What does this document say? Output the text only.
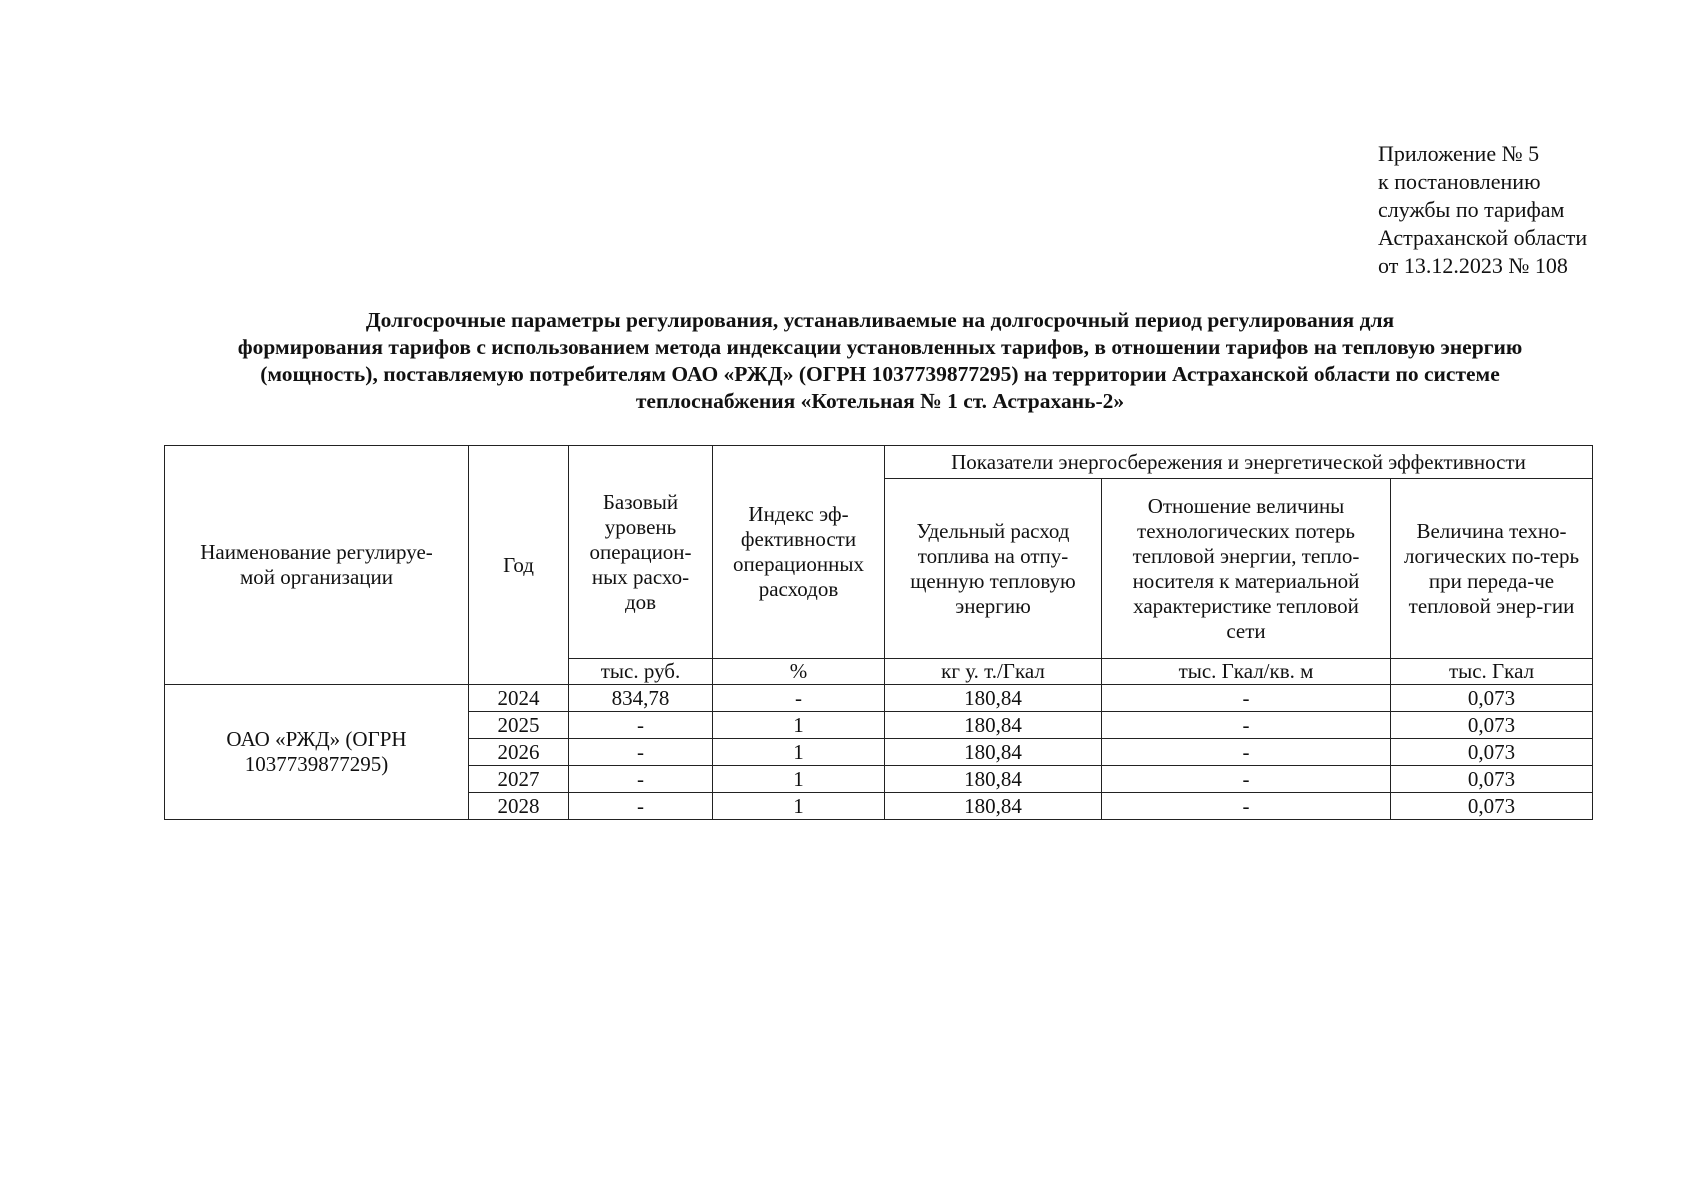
Приложение № 5
к постановлению
службы по тарифам
Астраханской области
от 13.12.2023 № 108
Долгосрочные параметры регулирования, устанавливаемые на долгосрочный период регулирования для
формирования тарифов с использованием метода индексации установленных тарифов, в отношении тарифов на тепловую энергию
(мощность), поставляемую потребителям ОАО «РЖД» (ОГРН 1037739877295) на территории Астраханской области по системе
теплоснабжения «Котельная № 1 ст. Астрахань-2»
Наименование регулируе-мой организации	Год	Базовый уровень операцион-ных расхо-дов	Индекс эф-фективности операционных расходов	Показатели энергосбережения и энергетической эффективности		
				Удельный расход топлива на отпу-щенную тепловую энергию	Отношение величины технологических потерь тепловой энергии, тепло-носителя к материальной характеристике тепловой сети	Величина техно-логических по-терь при переда-че тепловой энер-гии
		тыс. руб.	%	кг у. т./Гкал	тыс. Гкал/кв. м	тыс. Гкал
ОАО «РЖД» (ОГРН 1037739877295)	2024	834,78	-	180,84	-	0,073
	2025	-	1	180,84	-	0,073
	2026	-	1	180,84	-	0,073
	2027	-	1	180,84	-	0,073
	2028	-	1	180,84	-	0,073
